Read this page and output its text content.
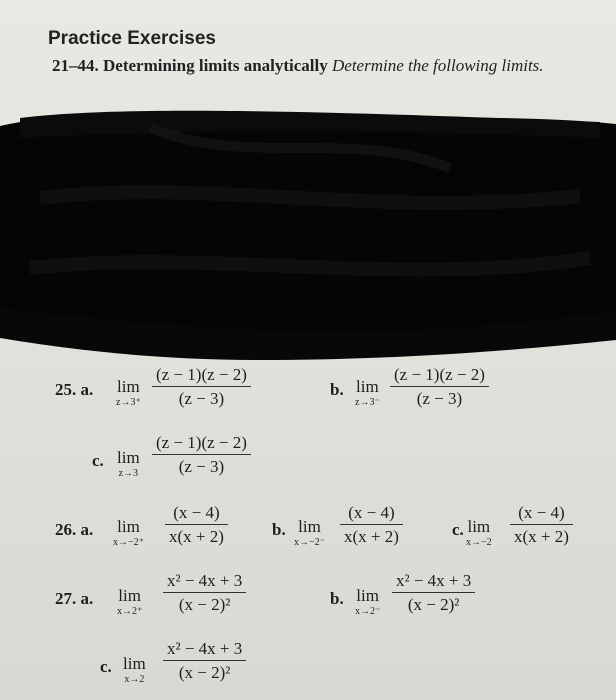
Practice Exercises
21–44. Determining limits analytically Determine the following limits.
25. a. lim
z→3⁺
(z − 1)(z − 2)
(z − 3)	b. lim
z→3⁻
(z − 1)(z − 2)
(z − 3)
c. lim
z→3
(z − 1)(z − 2)
(z − 3)
26. a. lim
x→−2⁺
(x − 4)
x(x + 2)	b. lim
x→−2⁻
(x − 4)
x(x + 2)	c. lim
x→−2
(x − 4)
x(x + 2)
27. a. lim
x→2⁺
x² − 4x + 3
(x − 2)²	b. lim
x→2⁻
x² − 4x + 3
(x − 2)²
c. lim
x→2
x² − 4x + 3
(x − 2)²
